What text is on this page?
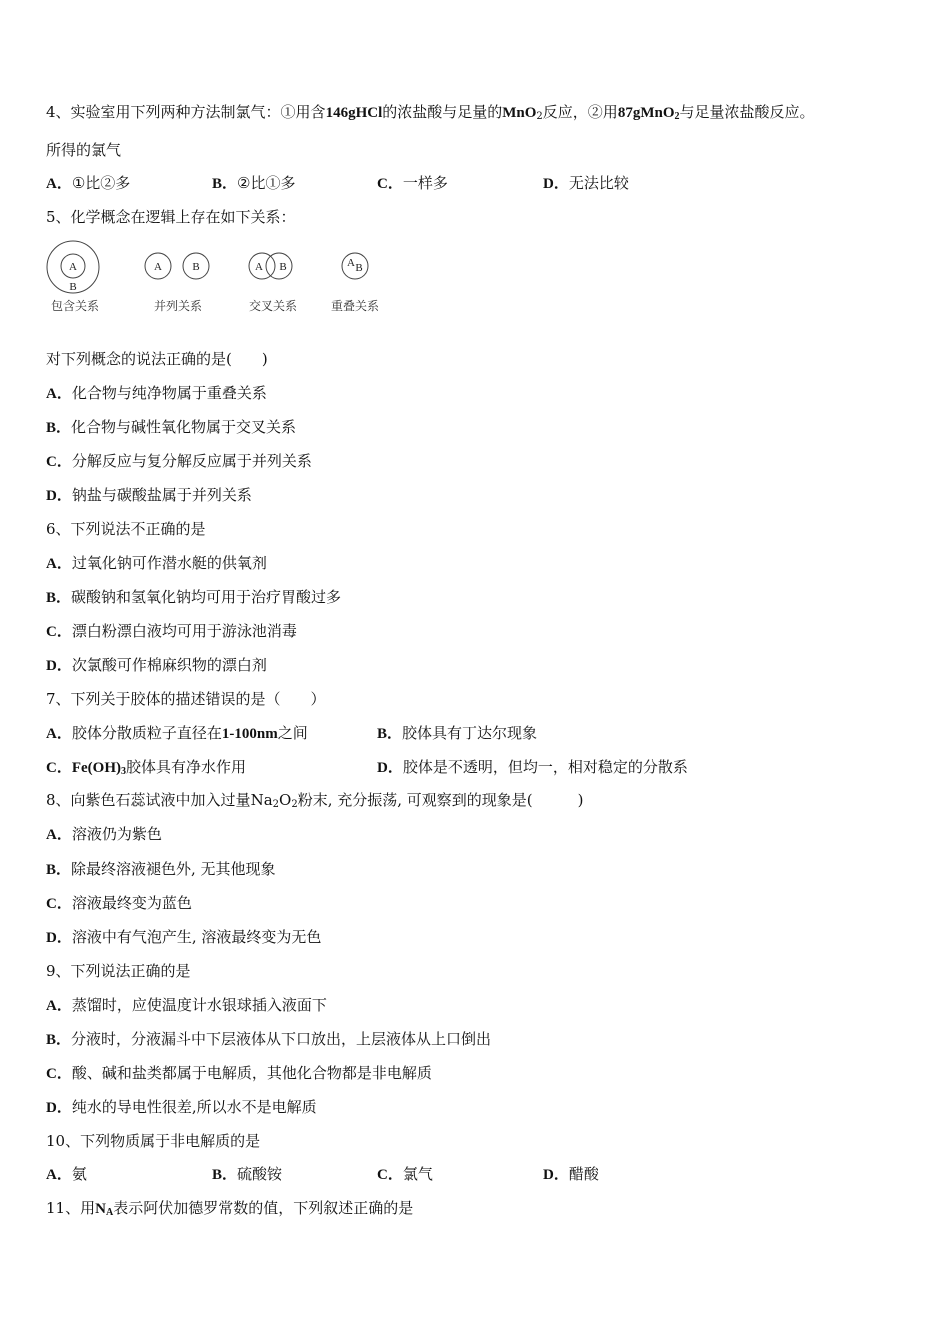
4、实验室用下列两种方法制氯气：①用含146gHCl的浓盐酸与足量的MnO$_2$反应，②用87gMnO$_2$与足量浓盐酸反应。
所得的氯气
A．①比②多	B．②比①多	C．一样多	D．无法比较
5、化学概念在逻辑上存在如下关系：
A
B
A	B	A B	A B
包含关系	并列关系	交叉关系	重叠关系
对下列概念的说法正确的是(　　)
A．化合物与纯净物属于重叠关系
B．化合物与碱性氧化物属于交叉关系
C．分解反应与复分解反应属于并列关系
D．钠盐与碳酸盐属于并列关系
6、下列说法不正确的是
A．过氧化钠可作潜水艇的供氧剂
B．碳酸钠和氢氧化钠均可用于治疗胃酸过多
C．漂白粉漂白液均可用于游泳池消毒
D．次氯酸可作棉麻织物的漂白剂
7、下列关于胶体的描述错误的是（　　）
A．胶体分散质粒子直径在1-100nm之间	B．胶体具有丁达尔现象
C．$Fe(OH)_3$胶体具有净水作用	D．胶体是不透明，但均一，相对稳定的分散系
8、向紫色石蕊试液中加入过量$Na_2O_2$粉末, 充分振荡, 可观察到的现象是(　　　)
A．溶液仍为紫色
B．除最终溶液褪色外, 无其他现象
C．溶液最终变为蓝色
D．溶液中有气泡产生, 溶液最终变为无色
9、下列说法正确的是
A．蒸馏时，应使温度计水银球插入液面下
B．分液时，分液漏斗中下层液体从下口放出，上层液体从上口倒出
C．酸、碱和盐类都属于电解质，其他化合物都是非电解质
D．纯水的导电性很差,所以水不是电解质
10、下列物质属于非电解质的是
A．氨	B．硫酸铵	C．氯气	D．醋酸
11、用$N_A$表示阿伏加德罗常数的值，下列叙述正确的是
